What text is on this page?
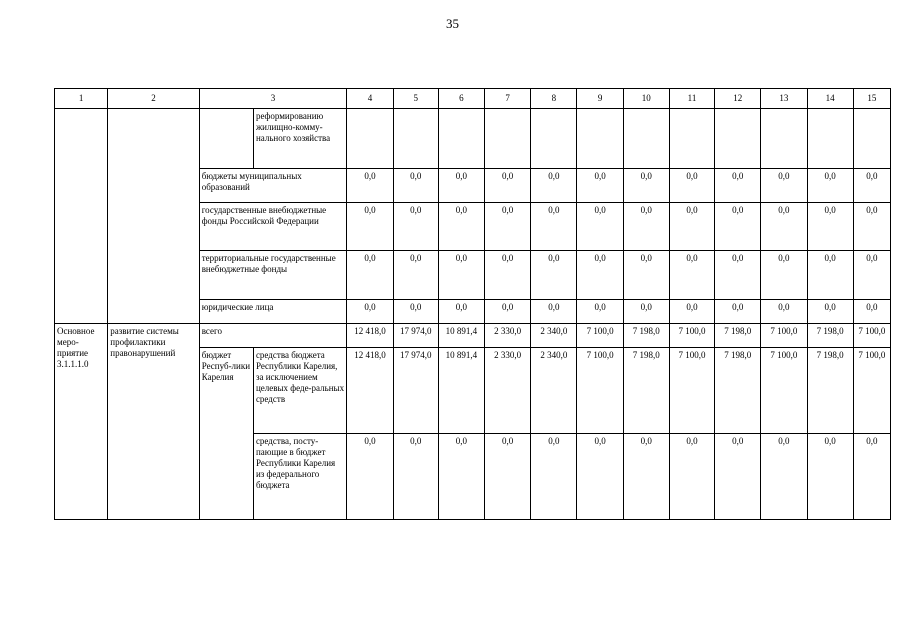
35
1	2	3		4	5	6	7	8	9	10	11	12	13	14	15
			реформированию жилищно-комму-нального хозяйства												
		бюджеты муниципальных образований		0,0	0,0	0,0	0,0	0,0	0,0	0,0	0,0	0,0	0,0	0,0	0,0
		государственные внебюджетные фонды Российской Федерации		0,0	0,0	0,0	0,0	0,0	0,0	0,0	0,0	0,0	0,0	0,0	0,0
		территориальные государственные внебюджетные фонды		0,0	0,0	0,0	0,0	0,0	0,0	0,0	0,0	0,0	0,0	0,0	0,0
		юридические лица		0,0	0,0	0,0	0,0	0,0	0,0	0,0	0,0	0,0	0,0	0,0	0,0
Основное меро-приятие 3.1.1.1.0	развитие системы профилактики правонарушений	всего		12 418,0	17 974,0	10 891,4	2 330,0	2 340,0	7 100,0	7 198,0	7 100,0	7 198,0	7 100,0	7 198,0	7 100,0
		бюджет Респуб-лики Карелия	средства бюджета Республики Карелия, за исключением целевых феде-ральных средств	12 418,0	17 974,0	10 891,4	2 330,0	2 340,0	7 100,0	7 198,0	7 100,0	7 198,0	7 100,0	7 198,0	7 100,0
			средства, посту-пающие в бюджет Республики Карелия из федерального бюджета	0,0	0,0	0,0	0,0	0,0	0,0	0,0	0,0	0,0	0,0	0,0	0,0
